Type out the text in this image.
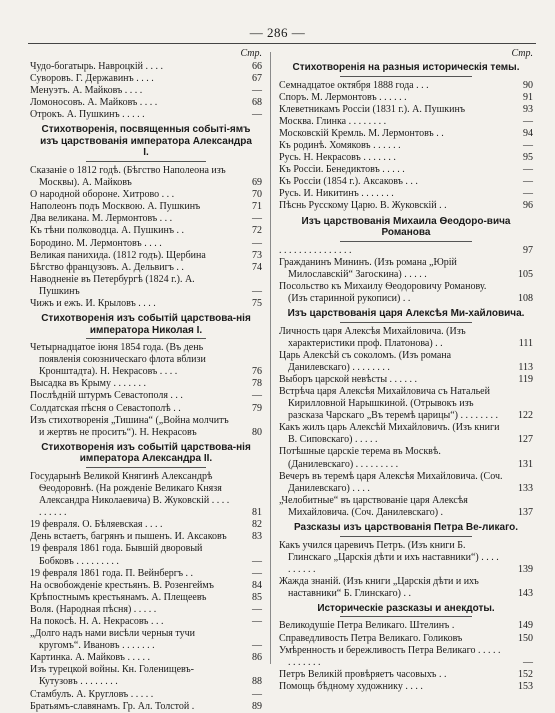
— 286 —
Стр.
Чудо-богатырь. Навроцкій . . . .	66
Суворовъ. Г. Державинъ . . . .	67
Менуэтъ. А. Майковъ . . . .	—
Ломоносовъ. А. Майковъ . . . .	68
Отрокъ. А. Пушкинъ . . . . .	—
Стихотворенія, посвященныя событі-ямъ изъ царствованія императора Александра I.
Сказаніе о 1812 годѣ. (Бѣгство Наполеона изъ Москвы). А. Майковъ	69
О народной обороне. Хитрово . . .	70
Наполеонъ подъ Москвою. А. Пушкинъ	71
Два великана. М. Лермонтовъ . . .	—
Къ тѣни полководца. А. Пушкинъ . .	72
Бородино. М. Лермонтовъ . . . .	—
Великая панихида. (1812 годъ). Щербина	73
Бѣгство французовъ. А. Дельвигъ . .	74
Наводненіе въ Петербургѣ (1824 г.). А. Пушкинъ	—
Чижъ и ежъ. И. Крыловъ . . . .	75
Стихотворенія изъ событій царствова-нія императора Николая I.
Четырнадцатое іюня 1854 года. (Въ день появленія союзническаго флота вблизи Кронштадта). Н. Некрасовъ . . . .	76
Высадка въ Крыму . . . . . . .	78
Послѣдній штурмъ Севастополя . . .	—
Солдатская пѣсня о Севастополѣ . .	79
Изъ стихотворенія „Тишина“ („Война молчитъ и жертвъ не проситъ“). Н. Некрасовъ	80
Стихотворенія изъ событій царствова-нія императора Александра II.
Государынѣ Великой Княгинѣ Александрѣ Ѳеодоровнѣ. (На рожденіе Великаго Князя Александра Николаевича) В. Жуковскій . . . . . . . . . .	81
19 февраля. О. Бѣляевская . . . .	82
День встаетъ, багрянъ и пышенъ. И. Аксаковъ	83
19 февраля 1861 года. Бывшій дворовый Бобковъ . . . . . . . . .	—
19 февраля 1861 года. П. Вейнбергъ . .	—
На освобожденіе крестьянъ. В. Розенгеймъ	84
Крѣпостнымъ крестьянамъ. А. Плещеевъ	85
Воля. (Народная пѣсня) . . . . .	—
На покосѣ. Н. А. Некрасовъ . . .	—
„Долго надъ нами висѣли черныя тучи кругомъ“. Ивановъ . . . . . . .	—
Картинка. А. Майковъ . . . . .	86
Изъ турецкой войны. Кн. Голенищевъ-Кутузовъ . . . . . . . .	88
Стамбулъ. А. Кругловъ . . . . .	—
Братьямъ-славянамъ. Гр. Ал. Толстой .	89
Стр.
Стихотворенія на разныя историческія темы.
Семнадцатое октября 1888 года . . .	90
Споръ. М. Лермонтовъ . . . . . .	91
Клеветникамъ Россіи (1831 г.). А. Пушкинъ	93
Москва. Глинка . . . . . . . .	—
Московскій Кремль. М. Лермонтовъ . .	94
Къ родинѣ. Хомяковъ . . . . . .	—
Русь. Н. Некрасовъ . . . . . . .	95
Къ Россіи. Бенедиктовъ . . . . .	—
Къ Россіи (1854 г.). Аксаковъ . . .	—
Русь. И. Никитинъ . . . . . . .	—
Пѣснь Русскому Царю. В. Жуковскій . .	96
Изъ царствованія Михаила Ѳеодоро-вича Романова
. . . . . . . . . . . . . . .	97
Гражданинъ Мининъ. (Изъ романа „Юрій Милославскій“ Загоскина) . . . . .	105
Посольство къ Михаилу Ѳеодоровичу Романову. (Изъ старинной рукописи) . .	108
Изъ царствованія царя Алексѣя Ми-хайловича.
Личность царя Алексѣя Михайловича. (Изъ характеристики проф. Платонова) . .	111
Царь Алексѣй съ соколомъ. (Изъ романа Данилевскаго) . . . . . . . .	113
Выборъ царской невѣсты . . . . . .	119
Встрѣча царя Алексѣя Михайловича съ Натальей Кирилловной Нарышкиной. (Отрывокъ изъ разсказа Чарскаго „Въ теремѣ царицы“) . . . . . . . .	122
Какъ жилъ царь Алексѣй Михайловичъ. (Изъ книги В. Сиповскаго) . . . . .	127
Потѣшные царскіе терема въ Москвѣ. (Данилевскаго) . . . . . . . . .	131
Вечеръ въ теремѣ царя Алексѣя Михайловича. (Соч. Данилевскаго) . . . .	133
„Челобитные“ въ царствованіе царя Алексѣя Михайловича. (Соч. Данилевскаго) .	137
Разсказы изъ царствованія Петра Ве-ликаго.
Какъ учился царевичъ Петръ. (Изъ книги Б. Глинскаго „Царскія дѣти и ихъ наставники“) . . . . . . . . . .	139
Жажда знаній. (Изъ книги „Царскія дѣти и ихъ наставники“ Б. Глинскаго) . .	143
Историческіе разсказы и анекдоты.
Великодушіе Петра Великаго. Штелинъ .	149
Справедливость Петра Великаго. Голиковъ	150
Умѣренность и бережливость Петра Великаго . . . . . . . . . . . .	—
Петръ Великій провѣряетъ часовыхъ . .	152
Помощь бѣдному художнику . . . .	153
